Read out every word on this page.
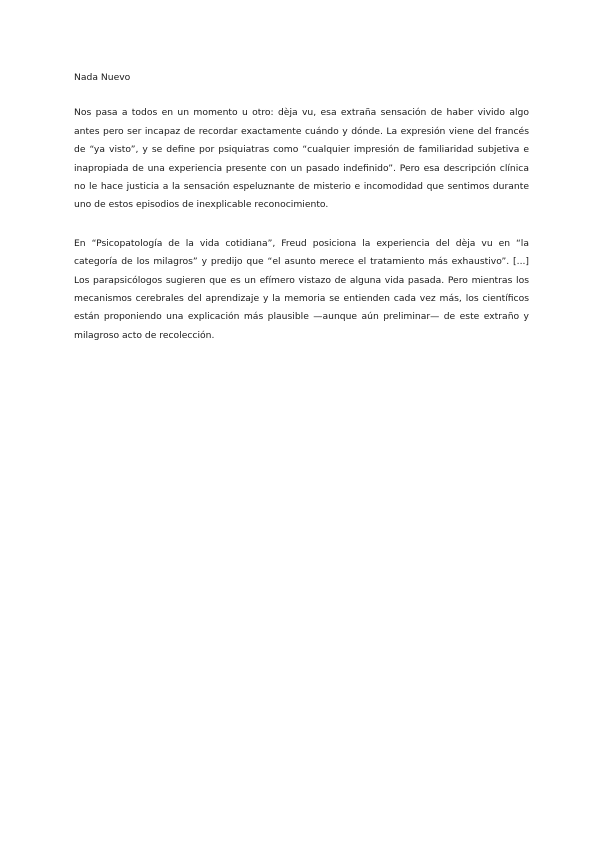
Nada Nuevo

Nos pasa a todos en un momento u otro: dèja vu, esa extraña sensación de haber vivido algo antes pero ser incapaz de recordar exactamente cuándo y dónde. La expresión viene del francés de “ya visto”, y se define por psiquiatras como “cualquier impresión de familiaridad subjetiva e inapropiada de una experiencia presente con un pasado indefinido”. Pero esa descripción clínica no le hace justicia a la sensación espeluznante de misterio e incomodidad que sentimos durante uno de estos episodios de inexplicable reconocimiento.

En “Psicopatología de la vida cotidiana”, Freud posiciona la experiencia del dèja vu en “la categoría de los milagros” y predijo que “el asunto merece el tratamiento más exhaustivo”. [...] Los parapsicólogos sugieren que es un efímero vistazo de alguna vida pasada. Pero mientras los mecanismos cerebrales del aprendizaje y la memoria se entienden cada vez más, los científicos están proponiendo una explicación más plausible —aunque aún preliminar— de este extraño y milagroso acto de recolección.
